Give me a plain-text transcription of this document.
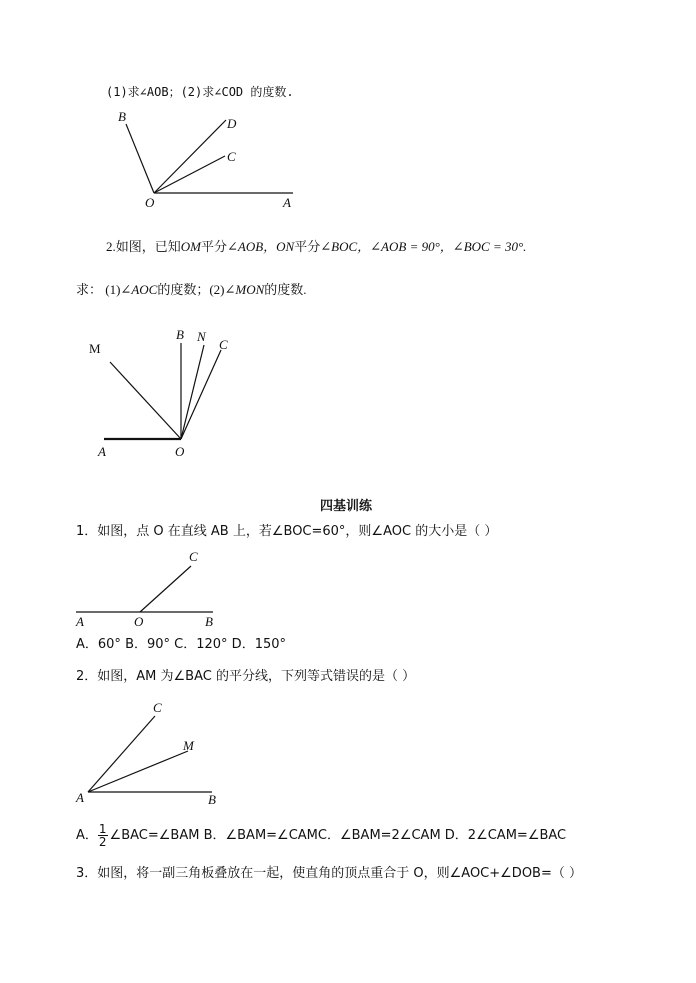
(1)求∠AOB；(2)求∠COD 的度数.
B	D
C
O	A
2.如图，已知OM平分∠AOB，ON平分∠BOC，∠AOB = 90°，∠BOC = 30°.
求： (1)∠AOC的度数；(2)∠MON的度数.
M
B N
C
A	O
四基训练
1．如图，点 O 在直线 AB 上，若∠BOC=60°，则∠AOC 的大小是（ ）
C
A	O	B
A．60° B．90° C．120° D．150°
2．如图，AM 为∠BAC 的平分线，下列等式错误的是（ ）
C
M
A	B
A． $\frac{1}{2}$ ∠BAC=∠BAM B．∠BAM=∠CAMC．∠BAM=2∠CAM D．2∠CAM=∠BAC
3．如图，将一副三角板叠放在一起，使直角的顶点重合于 O，则∠AOC+∠DOB=（ ）
